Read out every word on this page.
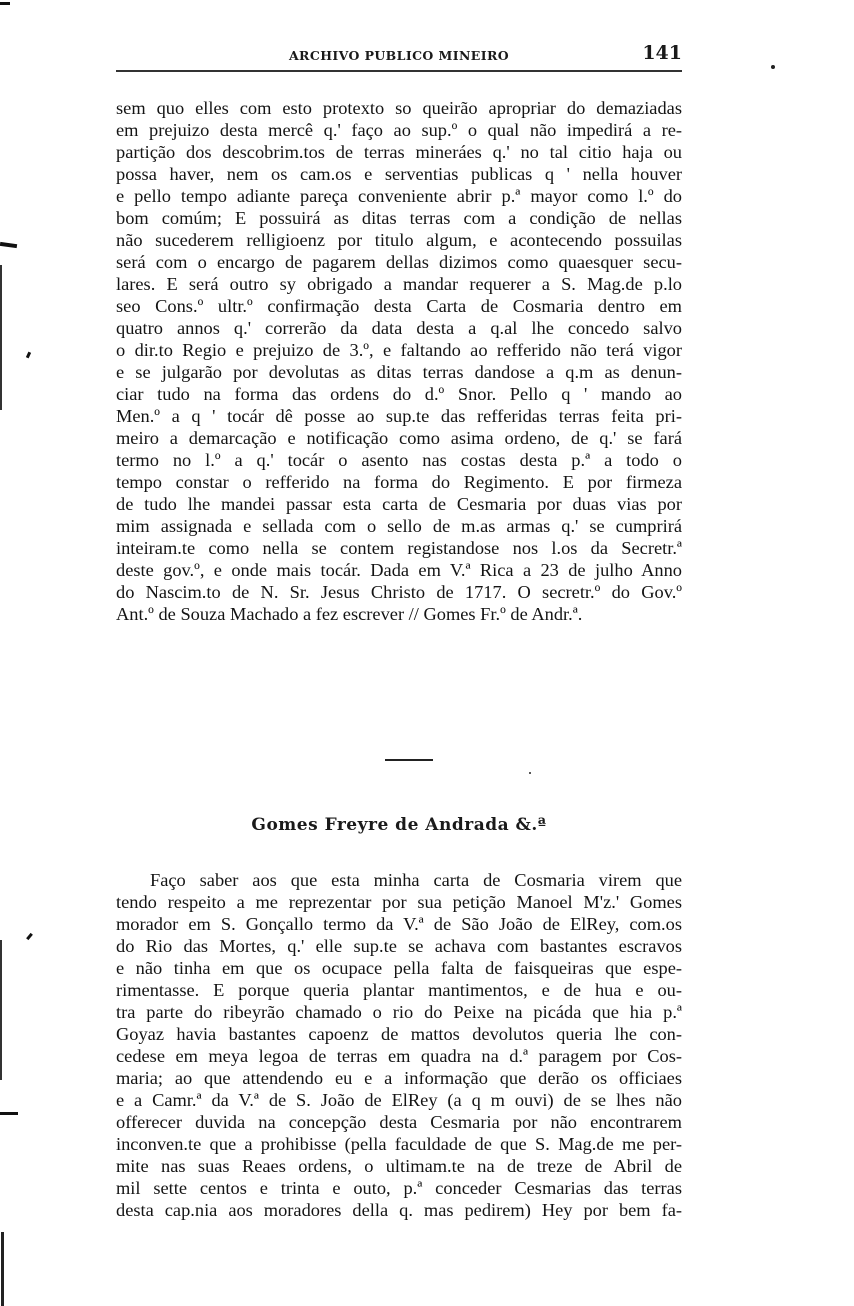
ARCHIVO PUBLICO MINEIRO	141
sem quo elles com esto protexto so queirão apropriar do demaziadas
em prejuizo desta mercê q.' faço ao sup.º o qual não impedirá a re-
partição dos descobrim.tos de terras mineráes q.' no tal citio haja ou
possa haver, nem os cam.os e serventias publicas q ' nella houver
e pello tempo adiante pareça conveniente abrir p.ª mayor como l.º do
bom comúm; E possuirá as ditas terras com a condição de nellas
não sucederem relligioenz por titulo algum, e acontecendo possuilas
será com o encargo de pagarem dellas dizimos como quaesquer secu-
lares. E será outro sy obrigado a mandar requerer a S. Mag.de p.lo
seo Cons.º ultr.º confirmação desta Carta de Cosmaria dentro em
quatro annos q.' correrão da data desta a q.al lhe concedo salvo
o dir.to Regio e prejuizo de 3.º, e faltando ao refferido não terá vigor
e se julgarão por devolutas as ditas terras dandose a q.m as denun-
ciar tudo na forma das ordens do d.º Snor. Pello q ' mando ao
Men.º a q ' tocár dê posse ao sup.te das refferidas terras feita pri-
meiro a demarcação e notificação como asima ordeno, de q.' se fará
termo no l.º a q.' tocár o asento nas costas desta p.ª a todo o
tempo constar o refferido na forma do Regimento. E por firmeza
de tudo lhe mandei passar esta carta de Cesmaria por duas vias por
mim assignada e sellada com o sello de m.as armas q.' se cumprirá
inteiram.te como nella se contem registandose nos l.os da Secretr.ª
deste gov.º, e onde mais tocár. Dada em V.ª Rica a 23 de julho Anno
do Nascim.to de N. Sr. Jesus Christo de 1717. O secretr.º do Gov.º
Ant.º de Souza Machado a fez escrever // Gomes Fr.º de Andr.ª.
Gomes Freyre de Andrada &.ª
Faço saber aos que esta minha carta de Cosmaria virem que
tendo respeito a me reprezentar por sua petição Manoel M'z.' Gomes
morador em S. Gonçallo termo da V.ª de São João de ElRey, com.os
do Rio das Mortes, q.' elle sup.te se achava com bastantes escravos
e não tinha em que os ocupace pella falta de faisqueiras que espe-
rimentasse. E porque queria plantar mantimentos, e de hua e ou-
tra parte do ribeyrão chamado o rio do Peixe na picáda que hia p.ª
Goyaz havia bastantes capoenz de mattos devolutos queria lhe con-
cedese em meya legoa de terras em quadra na d.ª paragem por Cos-
maria; ao que attendendo eu e a informação que derão os officiaes
e a Camr.ª da V.ª de S. João de ElRey (a q m ouvi) de se lhes não
offerecer duvida na concepção desta Cesmaria por não encontrarem
inconven.te que a prohibisse (pella faculdade de que S. Mag.de me per-
mite nas suas Reaes ordens, o ultimam.te na de treze de Abril de
mil sette centos e trinta e outo, p.ª conceder Cesmarias das terras
desta cap.nia aos moradores della q. mas pedirem) Hey por bem fa-
